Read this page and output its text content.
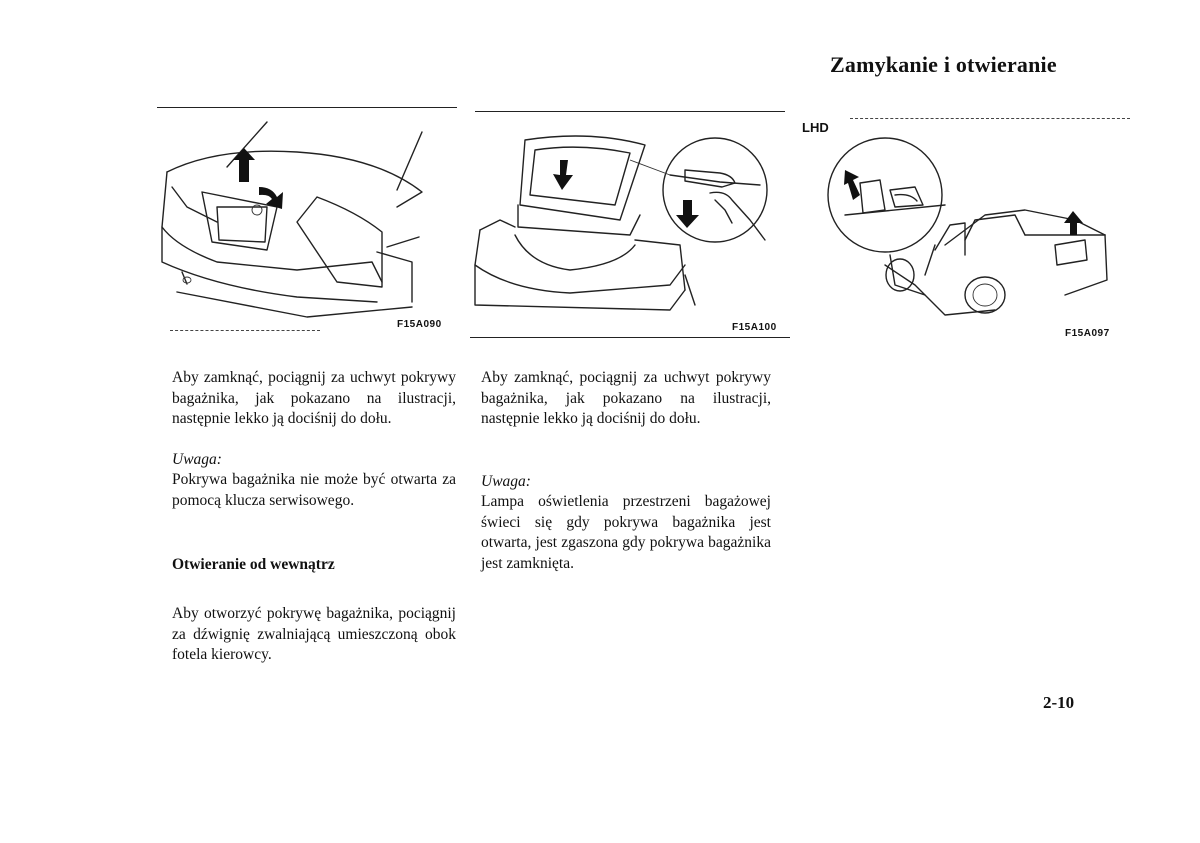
Zamykanie i otwieranie
F15A090	F15A100
LHD
F15A097
Aby zamknąć, pociągnij za uchwyt pokrywy bagażnika, jak pokazano na ilustracji, następnie lekko ją dociśnij do dołu.
Uwaga:
Pokrywa bagażnika nie może być otwarta za pomocą klucza serwisowego.
Otwieranie od wewnątrz
Aby otworzyć pokrywę bagażnika, pociągnij za dźwignię zwalniającą umieszczoną obok fotela kierowcy.
Aby zamknąć, pociągnij za uchwyt pokrywy bagażnika, jak pokazano na ilustracji, następnie lekko ją dociśnij do dołu.
Uwaga:
Lampa oświetlenia przestrzeni bagażowej świeci się gdy pokrywa bagażnika jest otwarta, jest zgaszona gdy pokrywa bagażnika jest zamknięta.
2-10
